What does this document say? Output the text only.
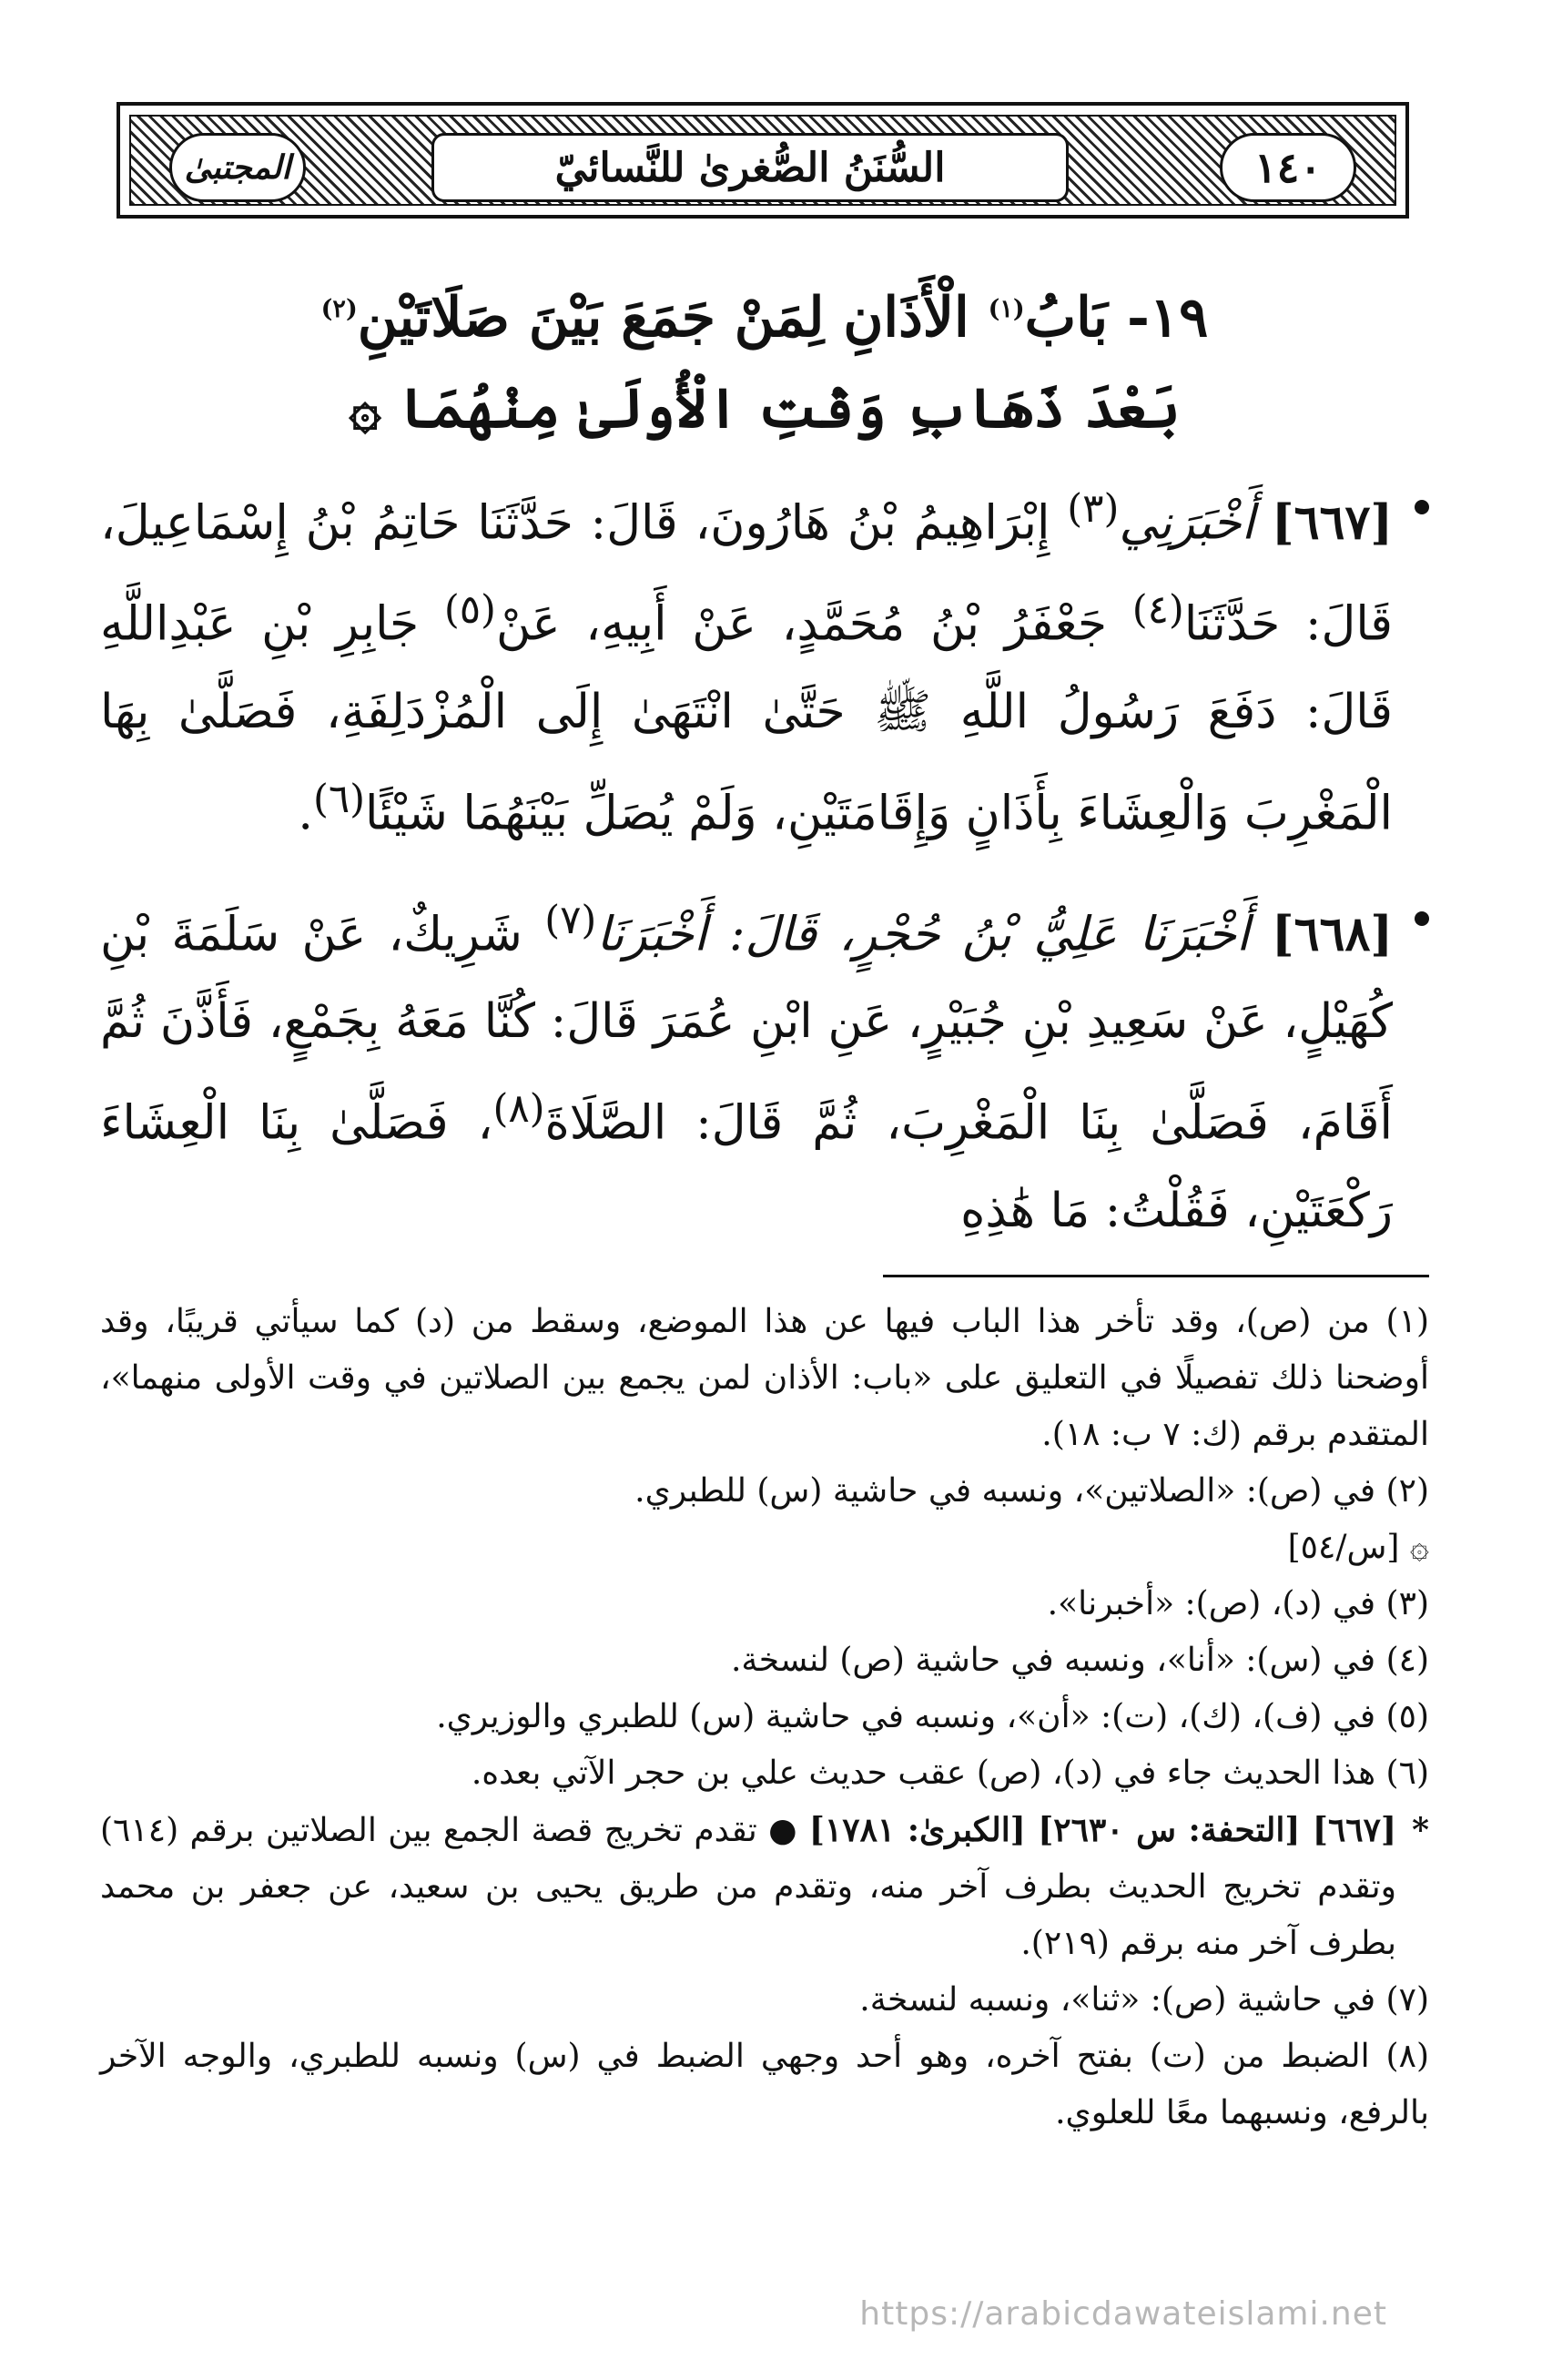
١٤٠
السُّنَنُ الصُّغرىٰ للنَّسائيّ
المجتبىٰ
١٩- بَابُ$^{(١)}$ الْأَذَانِ لِمَنْ جَمَعَ بَيْنَ صَلَاتَيْنِ$^{(٢)}$
بَعْدَ ذَهَابِ وَقْتِ الْأُولَىٰ مِنْهُمَا ۞
[٦٦٧] أَخْبَرَنِي$^{(٣)}$ إِبْرَاهِيمُ بْنُ هَارُونَ، قَالَ: حَدَّثَنَا حَاتِمُ بْنُ إِسْمَاعِيلَ، قَالَ: حَدَّثَنَا$^{(٤)}$ جَعْفَرُ بْنُ مُحَمَّدٍ، عَنْ أَبِيهِ، عَنْ$^{(٥)}$ جَابِرِ بْنِ عَبْدِاللَّهِ قَالَ: دَفَعَ رَسُولُ اللَّهِ ﷺ حَتَّىٰ انْتَهَىٰ إِلَى الْمُزْدَلِفَةِ، فَصَلَّىٰ بِهَا الْمَغْرِبَ وَالْعِشَاءَ بِأَذَانٍ وَإِقَامَتَيْنِ، وَلَمْ يُصَلِّ بَيْنَهُمَا شَيْئًا$^{(٦)}$.
[٦٦٨] أَخْبَرَنَا عَلِيُّ بْنُ حُجْرٍ، قَالَ: أَخْبَرَنَا$^{(٧)}$ شَرِيكٌ، عَنْ سَلَمَةَ بْنِ كُهَيْلٍ، عَنْ سَعِيدِ بْنِ جُبَيْرٍ، عَنِ ابْنِ عُمَرَ قَالَ: كُنَّا مَعَهُ بِجَمْعٍ، فَأَذَّنَ ثُمَّ أَقَامَ، فَصَلَّىٰ بِنَا الْمَغْرِبَ، ثُمَّ قَالَ: الصَّلَاةَ$^{(٨)}$، فَصَلَّىٰ بِنَا الْعِشَاءَ رَكْعَتَيْنِ، فَقُلْتُ: مَا هَٰذِهِ

(١) من (ص)، وقد تأخر هذا الباب فيها عن هذا الموضع، وسقط من (د) كما سيأتي قريبًا، وقد أوضحنا ذلك تفصيلًا في التعليق على «باب: الأذان لمن يجمع بين الصلاتين في وقت الأولى منهما»، المتقدم برقم (ك: ٧ ب: ١٨).

(٢) في (ص): «الصلاتين»، ونسبه في حاشية (س) للطبري.

۞ [س/٥٤]

(٣) في (د)، (ص): «أخبرنا».

(٤) في (س): «أنا»، ونسبه في حاشية (ص) لنسخة.

(٥) في (ف)، (ك)، (ت): «أن»، ونسبه في حاشية (س) للطبري والوزيري.

(٦) هذا الحديث جاء في (د)، (ص) عقب حديث علي بن حجر الآتي بعده.

*
[٦٦٧] [التحفة: س ٢٦٣٠] [الكبرىٰ: ١٧٨١] ● تقدم تخريج قصة الجمع بين الصلاتين برقم (٦١٤) وتقدم تخريج الحديث بطرف آخر منه، وتقدم من طريق يحيى بن سعيد، عن جعفر بن محمد بطرف آخر منه برقم (٢١٩).

(٧) في حاشية (ص): «ثنا»، ونسبه لنسخة.

(٨) الضبط من (ت) بفتح آخره، وهو أحد وجهي الضبط في (س) ونسبه للطبري، والوجه الآخر بالرفع، ونسبهما معًا للعلوي.

https://arabicdawateislami.net
